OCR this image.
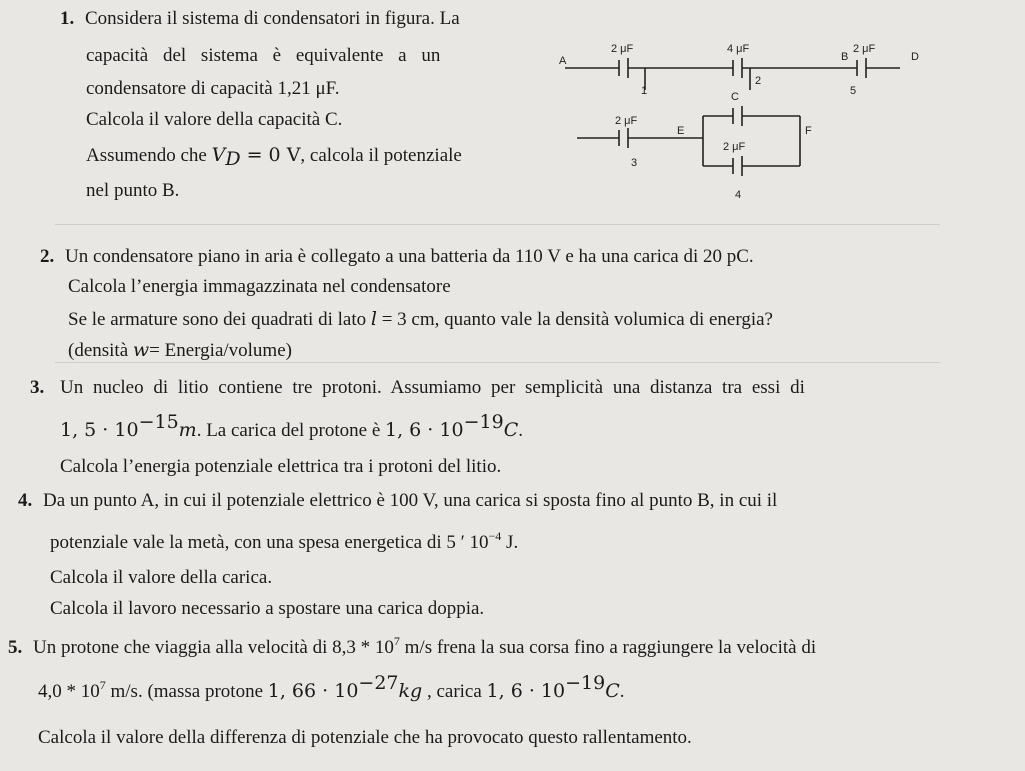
1. Considera il sistema di condensatori in figura. La
capacità del sistema è equivalente a un
condensatore di capacità 1,21 μF.
Calcola il valore della capacità C.
Assumendo che $V_D = 0$ V, calcola il potenziale
nel punto B.
A
2 μF	4 μF
B
2 μF
D
1
2
C	5
2 μF
E	F
2 μF
3
4
2. Un condensatore piano in aria è collegato a una batteria da 110 V e ha una carica di 20 pC.
Calcola l’energia immagazzinata nel condensatore
Se le armature sono dei quadrati di lato l = 3 cm, quanto vale la densità volumica di energia?
(densità w= Energia/volume)
3. Un nucleo di litio contiene tre protoni. Assumiamo per semplicità una distanza tra essi di
1, $5 \cdot 10^{-15}m$. La carica del protone è 1, $6 \cdot 10^{-19}C$.
Calcola l’energia potenziale elettrica tra i protoni del litio.
4. Da un punto A, in cui il potenziale elettrico è 100 V, una carica si sposta fino al punto B, in cui il
potenziale vale la metà, con una spesa energetica di 5 ′ $10^{-4}$ J.
Calcola il valore della carica.
Calcola il lavoro necessario a spostare una carica doppia.
5. Un protone che viaggia alla velocità di $8,3 * 10^7$ m/s frena la sua corsa fino a raggiungere la velocità di
$4,0 * 10^7$ m/s. (massa protone 1, $66 \cdot 10^{-27}kg$ , carica 1, $6 \cdot 10^{-19}C$.
Calcola il valore della differenza di potenziale che ha provocato questo rallentamento.
